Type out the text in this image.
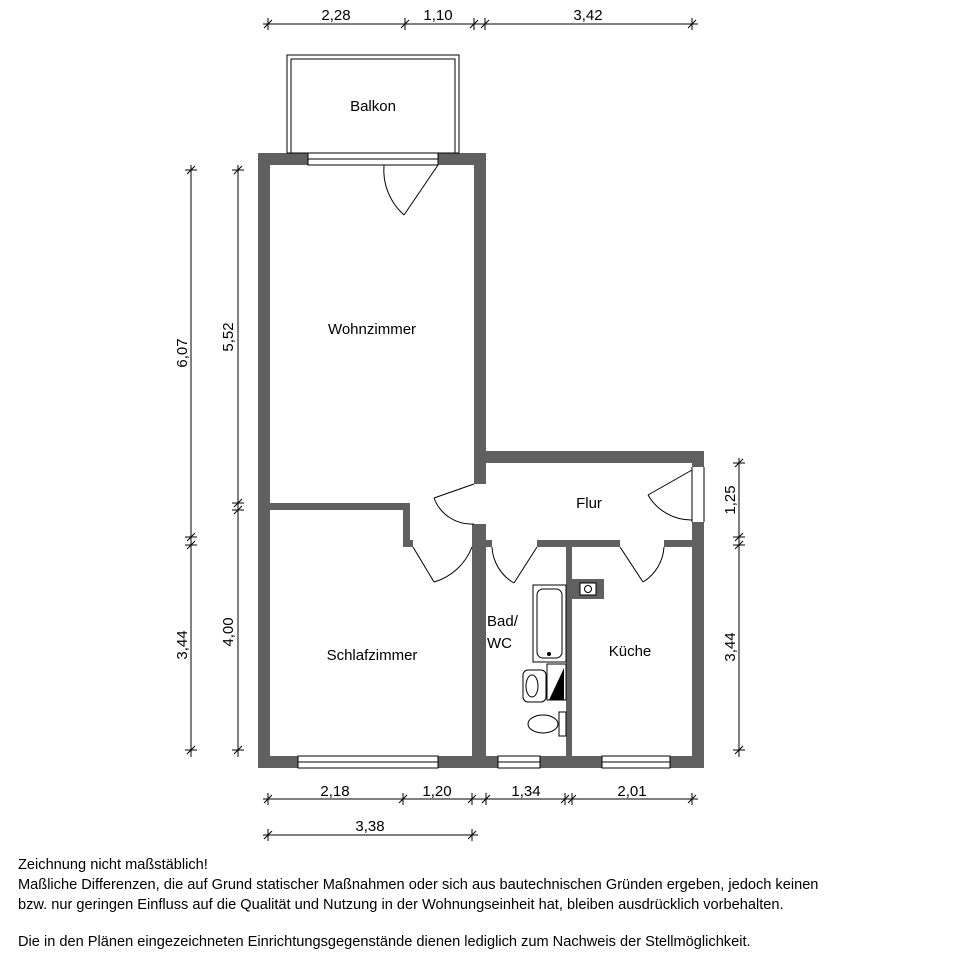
Balkon
Wohnzimmer
Flur
Schlafzimmer
Bad/
WC	Küche
2,28	1,10	3,42
6,07
3,44
5,52
4,00
1,25
3,44
2,18	1,20	1,34	2,01
3,38

Zeichnung nicht maßstäblich!

Maßliche Differenzen, die auf Grund statischer Maßnahmen oder sich aus bautechnischen Gründen ergeben, jedoch keinen

bzw. nur geringen Einfluss auf die Qualität und Nutzung in der Wohnungseinheit hat, bleiben ausdrücklich vorbehalten.

Die in den Plänen eingezeichneten Einrichtungsgegenstände dienen lediglich zum Nachweis der Stellmöglichkeit.
